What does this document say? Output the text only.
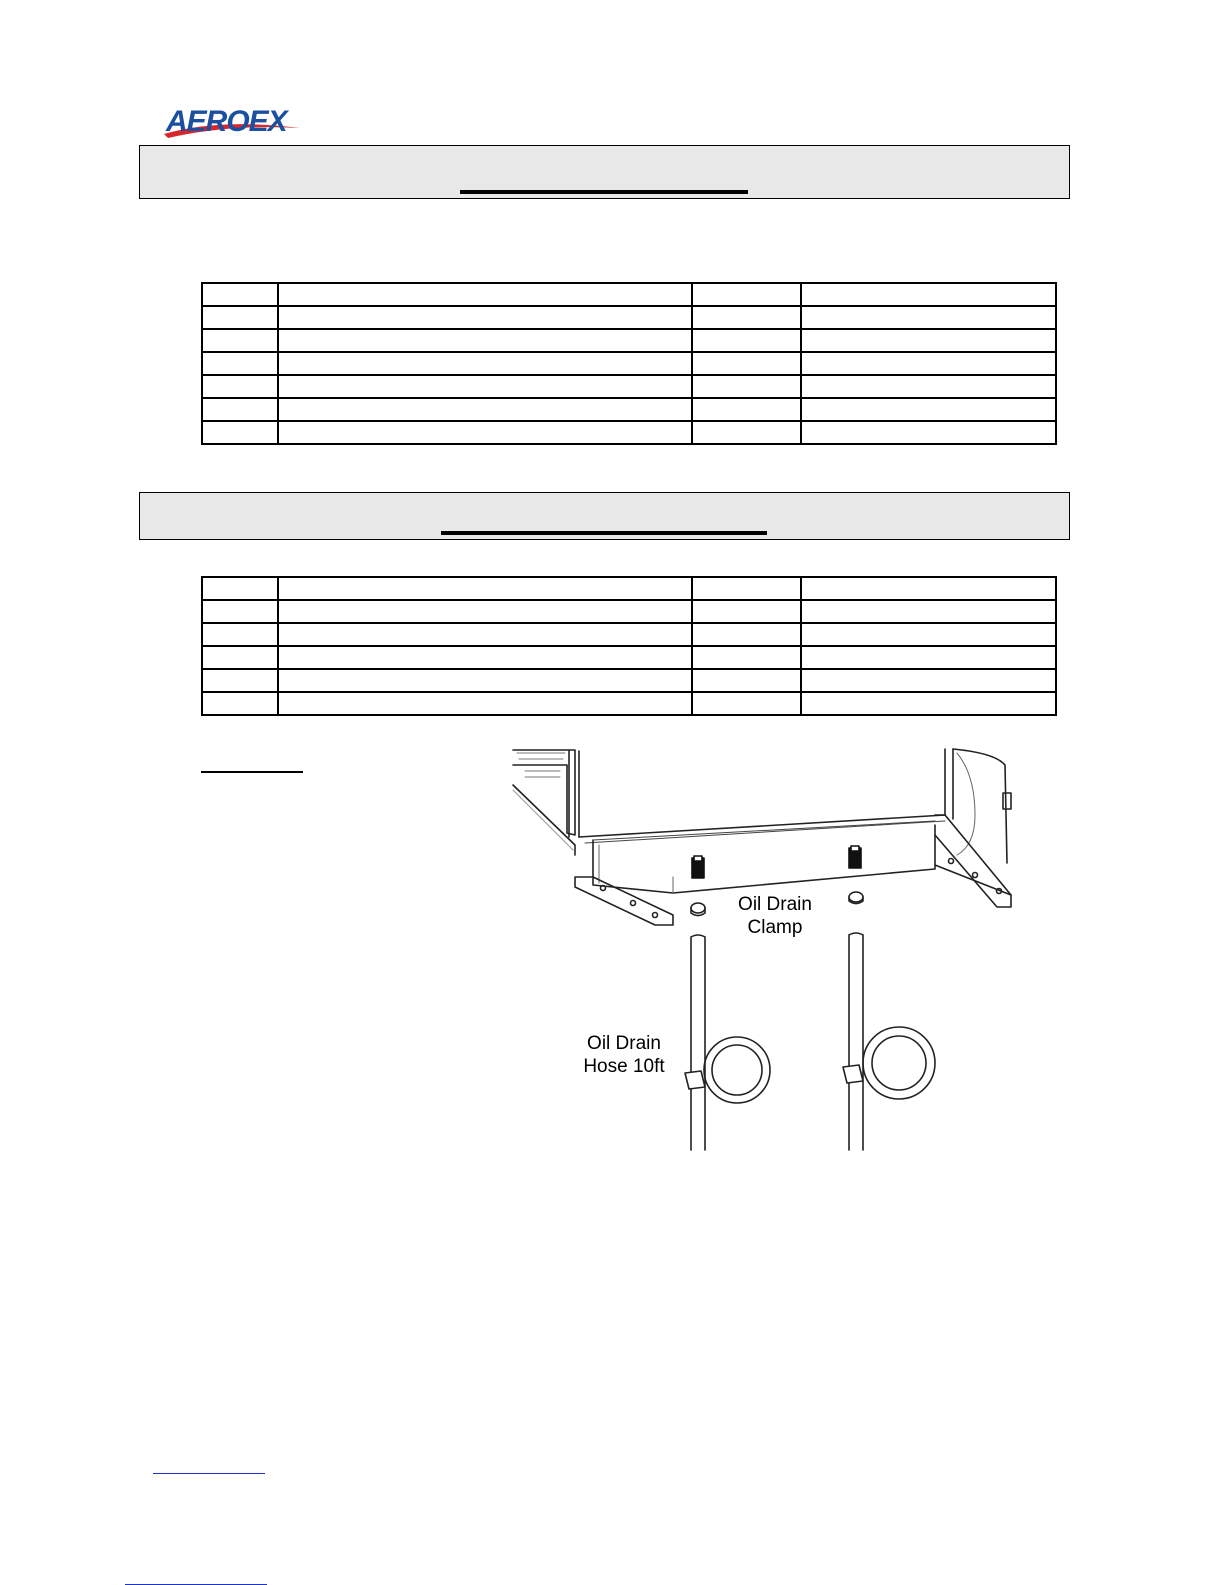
AEROEX

Oil Drain
Clamp
Oil Drain
Hose 10ft
